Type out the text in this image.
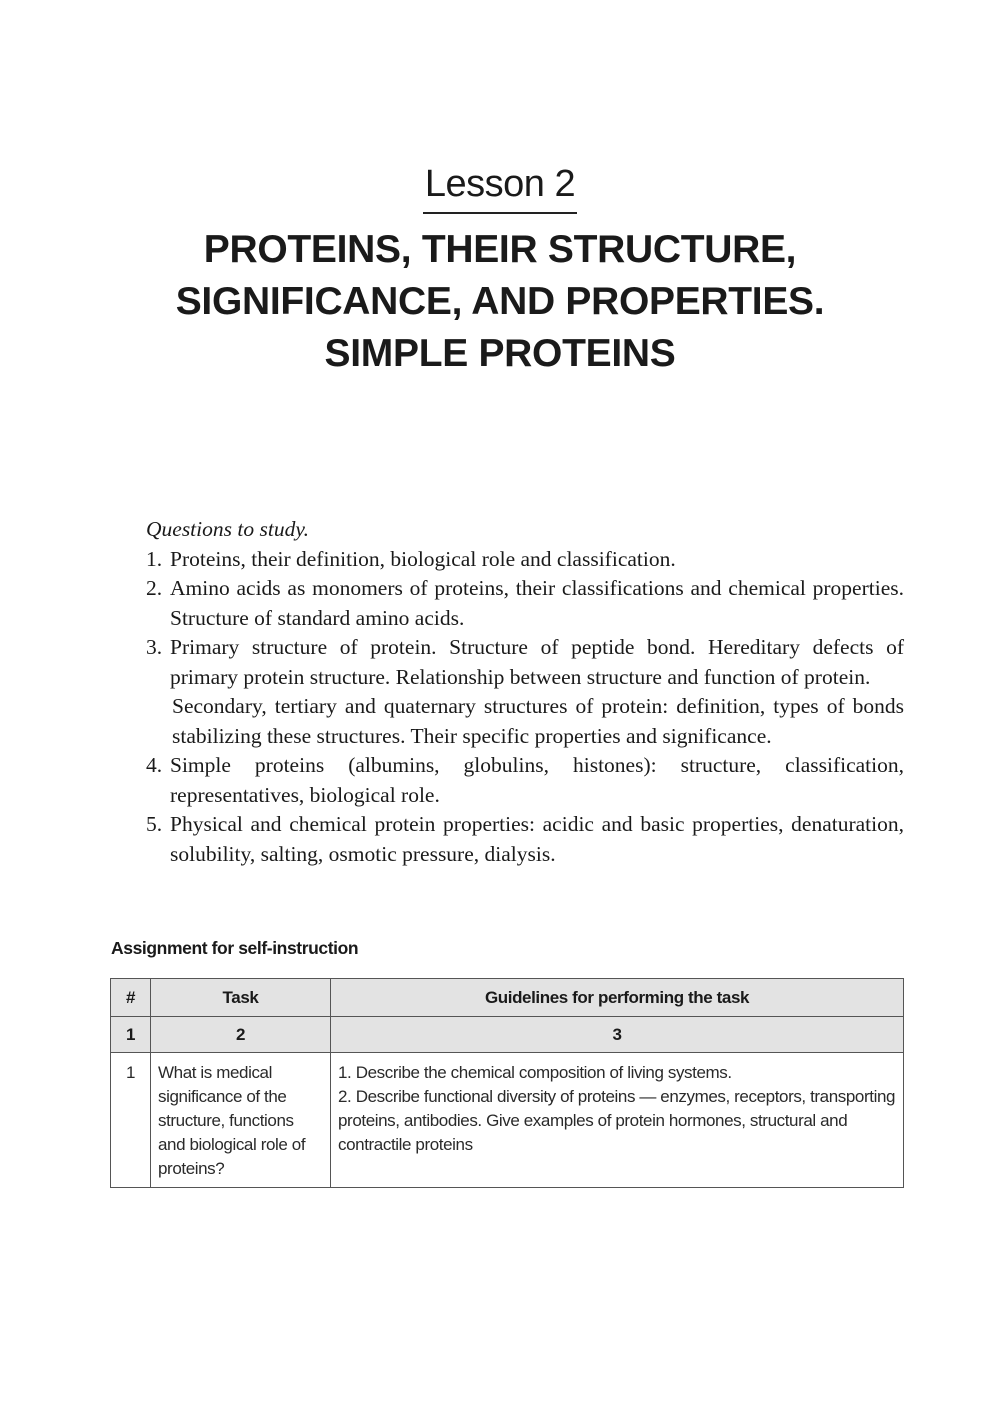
Lesson 2
PROTEINS, THEIR STRUCTURE,
SIGNIFICANCE, AND PROPERTIES.
SIMPLE PROTEINS
Questions to study.
1. Proteins, their definition, biological role and classification.
2. Amino acids as monomers of proteins, their classifications and chemical properties. Structure of standard amino acids.
3. Primary structure of protein. Structure of peptide bond. Hereditary defects of primary protein structure. Relationship between structure and function of protein.
Secondary, tertiary and quaternary structures of protein: definition, types of bonds stabilizing these structures. Their specific properties and significance.
4. Simple proteins (albumins, globulins, histones): structure, classification, representatives, biological role.
5. Physical and chemical protein properties: acidic and basic properties, denaturation, solubility, salting, osmotic pressure, dialysis.
Assignment for self-instruction
#	Task	Guidelines for performing the task
1	2	3
1	What is medical significance of the structure, functions and biological role of proteins?	1. Describe the chemical composition of living systems.
2. Describe functional diversity of proteins — enzymes, receptors, transporting proteins, antibodies. Give examples of protein hormones, structural and contractile proteins
